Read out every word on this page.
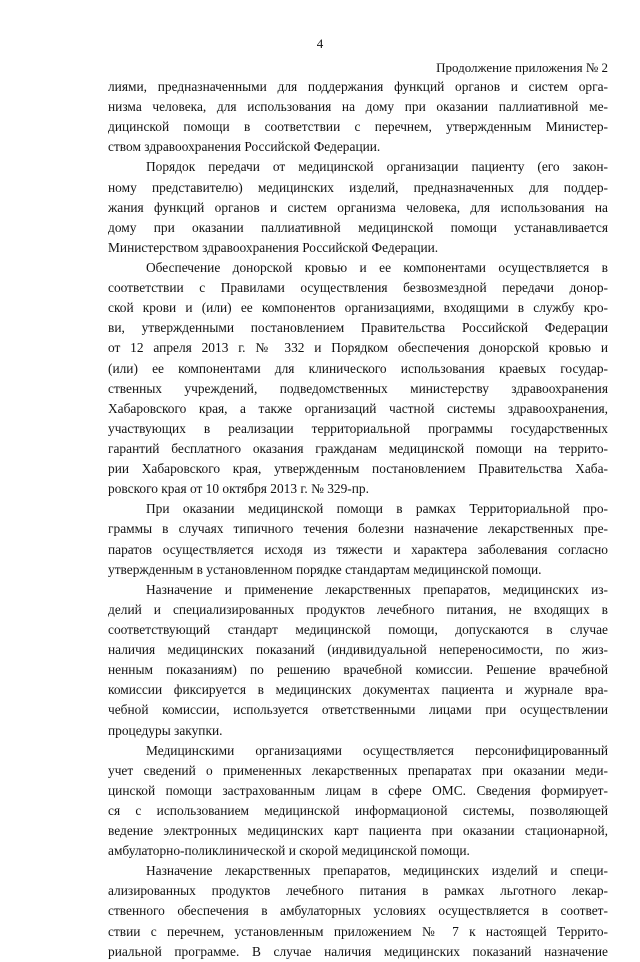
4
Продолжение приложения № 2
лиями, предназначенными для поддержания функций органов и систем орга-
низма человека, для использования на дому при оказании паллиативной ме-
дицинской помощи в соответствии с перечнем, утвержденным Министер-
ством здравоохранения Российской Федерации.
Порядок передачи от медицинской организации пациенту (его закон-
ному представителю) медицинских изделий, предназначенных для поддер-
жания функций органов и систем организма человека, для использования на
дому при оказании паллиативной медицинской помощи устанавливается
Министерством здравоохранения Российской Федерации.
Обеспечение донорской кровью и ее компонентами осуществляется в
соответствии с Правилами осуществления безвозмездной передачи донор-
ской крови и (или) ее компонентов организациями, входящими в службу кро-
ви, утвержденными постановлением Правительства Российской Федерации
от 12 апреля 2013 г. № 332 и Порядком обеспечения донорской кровью и
(или) ее компонентами для клинического использования краевых государ-
ственных учреждений, подведомственных министерству здравоохранения
Хабаровского края, а также организаций частной системы здравоохранения,
участвующих в реализации территориальной программы государственных
гарантий бесплатного оказания гражданам медицинской помощи на террито-
рии Хабаровского края, утвержденным постановлением Правительства Хаба-
ровского края от 10 октября 2013 г. № 329-пр.
При оказании медицинской помощи в рамках Территориальной про-
граммы в случаях типичного течения болезни назначение лекарственных пре-
паратов осуществляется исходя из тяжести и характера заболевания согласно
утвержденным в установленном порядке стандартам медицинской помощи.
Назначение и применение лекарственных препаратов, медицинских из-
делий и специализированных продуктов лечебного питания, не входящих в
соответствующий стандарт медицинской помощи, допускаются в случае
наличия медицинских показаний (индивидуальной непереносимости, по жиз-
ненным показаниям) по решению врачебной комиссии. Решение врачебной
комиссии фиксируется в медицинских документах пациента и журнале вра-
чебной комиссии, используется ответственными лицами при осуществлении
процедуры закупки.
Медицинскими организациями осуществляется персонифицированный
учет сведений о примененных лекарственных препаратах при оказании меди-
цинской помощи застрахованным лицам в сфере ОМС. Сведения формирует-
ся с использованием медицинской информационой системы, позволяющей
ведение электронных медицинских карт пациента при оказании стационарной,
амбулаторно-поликлинической и скорой медицинской помощи.
Назначение лекарственных препаратов, медицинских изделий и специ-
ализированных продуктов лечебного питания в рамках льготного лекар-
ственного обеспечения в амбулаторных условиях осуществляется в соответ-
ствии с перечнем, установленным приложением № 7 к настоящей Террито-
риальной программе. В случае наличия медицинских показаний назначение
